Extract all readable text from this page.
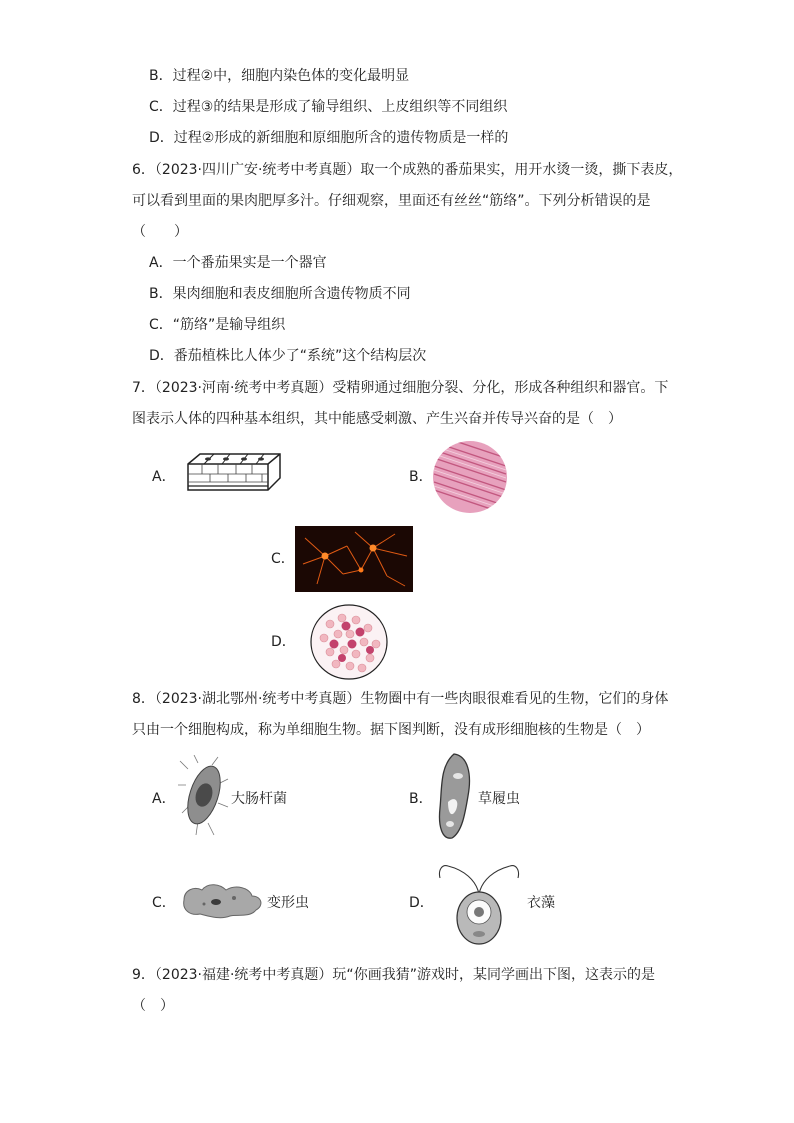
B．过程②中，细胞内染色体的变化最明显
C．过程③的结果是形成了输导组织、上皮组织等不同组织
D．过程②形成的新细胞和原细胞所含的遗传物质是一样的
6．（2023·四川广安·统考中考真题）取一个成熟的番茄果实，用开水烫一烫，撕下表皮，
可以看到里面的果肉肥厚多汁。仔细观察，里面还有丝丝“筋络”。下列分析错误的是
（　　）
A．一个番茄果实是一个器官
B．果肉细胞和表皮细胞所含遗传物质不同
C．“筋络”是输导组织
D．番茄植株比人体少了“系统”这个结构层次
7．（2023·河南·统考中考真题）受精卵通过细胞分裂、分化，形成各种组织和器官。下
图表示人体的四种基本组织，其中能感受刺激、产生兴奋并传导兴奋的是（　）
A．	B．
C．
D．
8．（2023·湖北鄂州·统考中考真题）生物圈中有一些肉眼很难看见的生物，它们的身体
只由一个细胞构成，称为单细胞生物。据下图判断，没有成形细胞核的生物是（　）
A．	大肠杆菌	B．	草履虫
C．	变形虫	D．	衣藻
9．（2023·福建·统考中考真题）玩“你画我猜”游戏时，某同学画出下图，这表示的是
（　）
